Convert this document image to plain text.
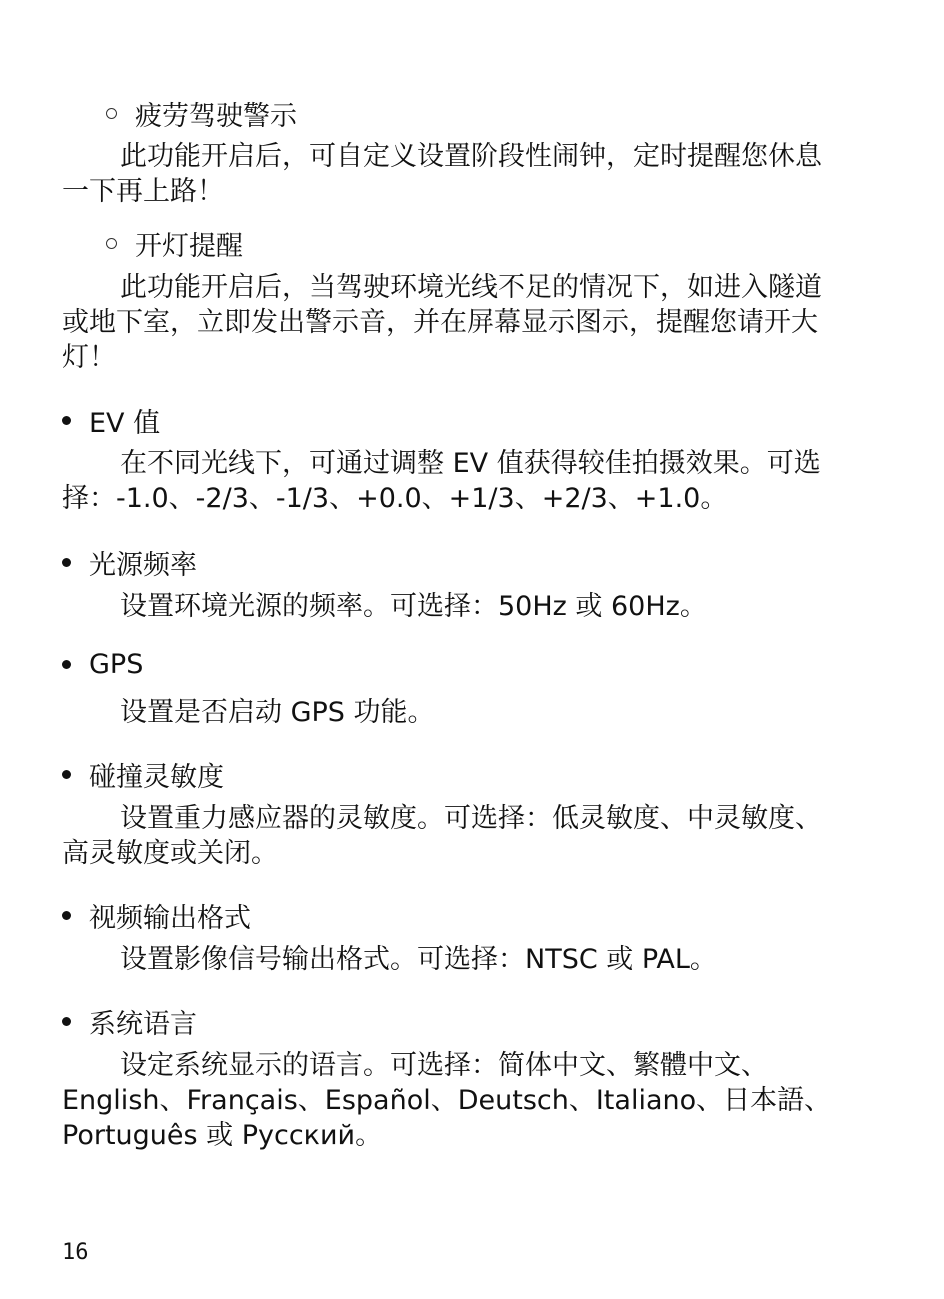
疲劳驾驶警示
此功能开启后，可自定义设置阶段性闹钟，定时提醒您休息
一下再上路！
开灯提醒
此功能开启后，当驾驶环境光线不足的情况下，如进入隧道
或地下室，立即发出警示音，并在屏幕显示图示，提醒您请开大
灯！
EV 值
在不同光线下，可通过调整 EV 值获得较佳拍摄效果。可选
择：-1.0、-2/3、-1/3、+0.0、+1/3、+2/3、+1.0。
光源频率
设置环境光源的频率。可选择：50Hz 或 60Hz。
GPS
设置是否启动 GPS 功能。
碰撞灵敏度
设置重力感应器的灵敏度。可选择：低灵敏度、中灵敏度、
高灵敏度或关闭。
视频输出格式
设置影像信号输出格式。可选择：NTSC 或 PAL。
系统语言
设定系统显示的语言。可选择：简体中文、繁體中文、
English、Français、Español、Deutsch、Italiano、日本語、
Português 或 Русский。
16
